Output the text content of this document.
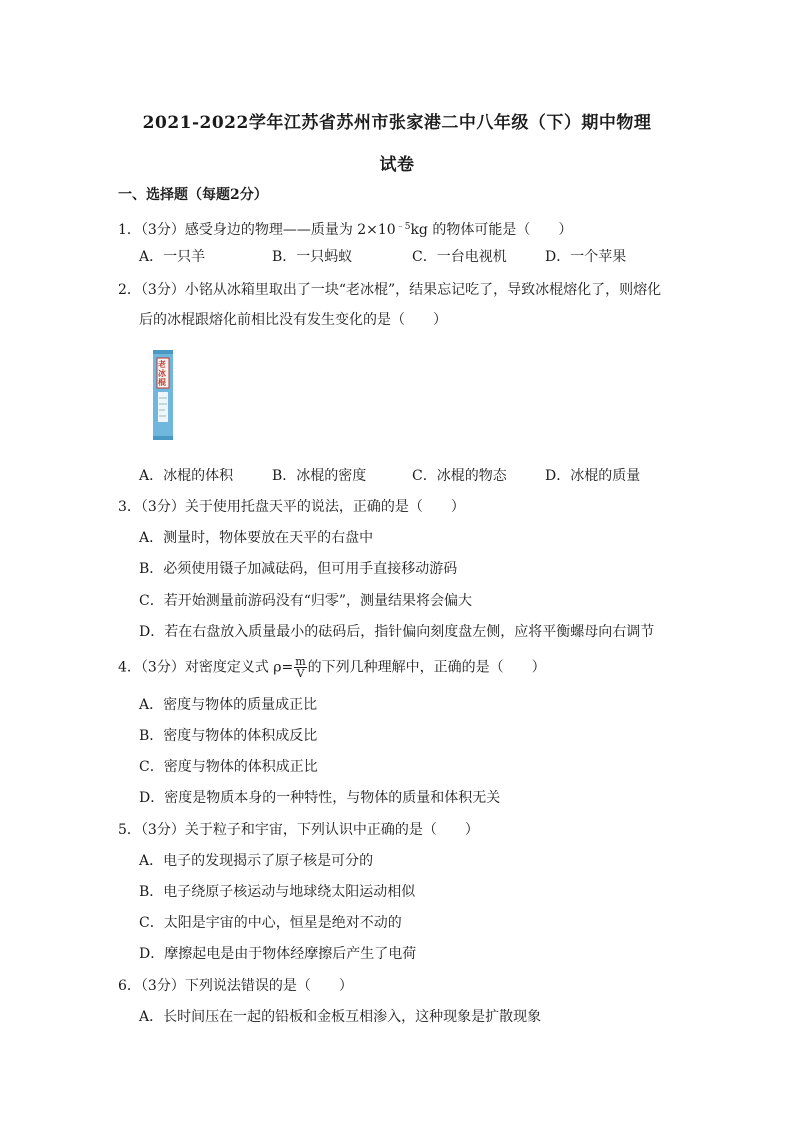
2021-2022学年江苏省苏州市张家港二中八年级（下）期中物理
试卷
一、选择题（每题2分）
1．（3分）感受身边的物理——质量为 $2\times 10^{﹣5}kg$ 的物体可能是（　　）
A．一只羊	B．一只蚂蚁	C．一台电视机	D．一个苹果
2．（3分）小铭从冰箱里取出了一块“老冰棍”，结果忘记吃了，导致冰棍熔化了，则熔化
后的冰棍跟熔化前相比没有发生变化的是（　　）
老冰棍
A．冰棍的体积	B．冰棍的密度	C．冰棍的物态	D．冰棍的质量
3．（3分）关于使用托盘天平的说法，正确的是（　　）
A．测量时，物体要放在天平的右盘中
B．必须使用镊子加减砝码，但可用手直接移动游码
C．若开始测量前游码没有“归零”，测量结果将会偏大
D．若在右盘放入质量最小的砝码后，指针偏向刻度盘左侧，应将平衡螺母向右调节
4．（3分）对密度定义式 $\rho= \frac{m}{V}$ 的下列几种理解中，正确的是（　　）
A．密度与物体的质量成正比
B．密度与物体的体积成反比
C．密度与物体的体积成正比
D．密度是物质本身的一种特性，与物体的质量和体积无关
5．（3分）关于粒子和宇宙，下列认识中正确的是（　　）
A．电子的发现揭示了原子核是可分的
B．电子绕原子核运动与地球绕太阳运动相似
C．太阳是宇宙的中心，恒星是绝对不动的
D．摩擦起电是由于物体经摩擦后产生了电荷
6．（3分）下列说法错误的是（　　）
A．长时间压在一起的铅板和金板互相渗入，这种现象是扩散现象
